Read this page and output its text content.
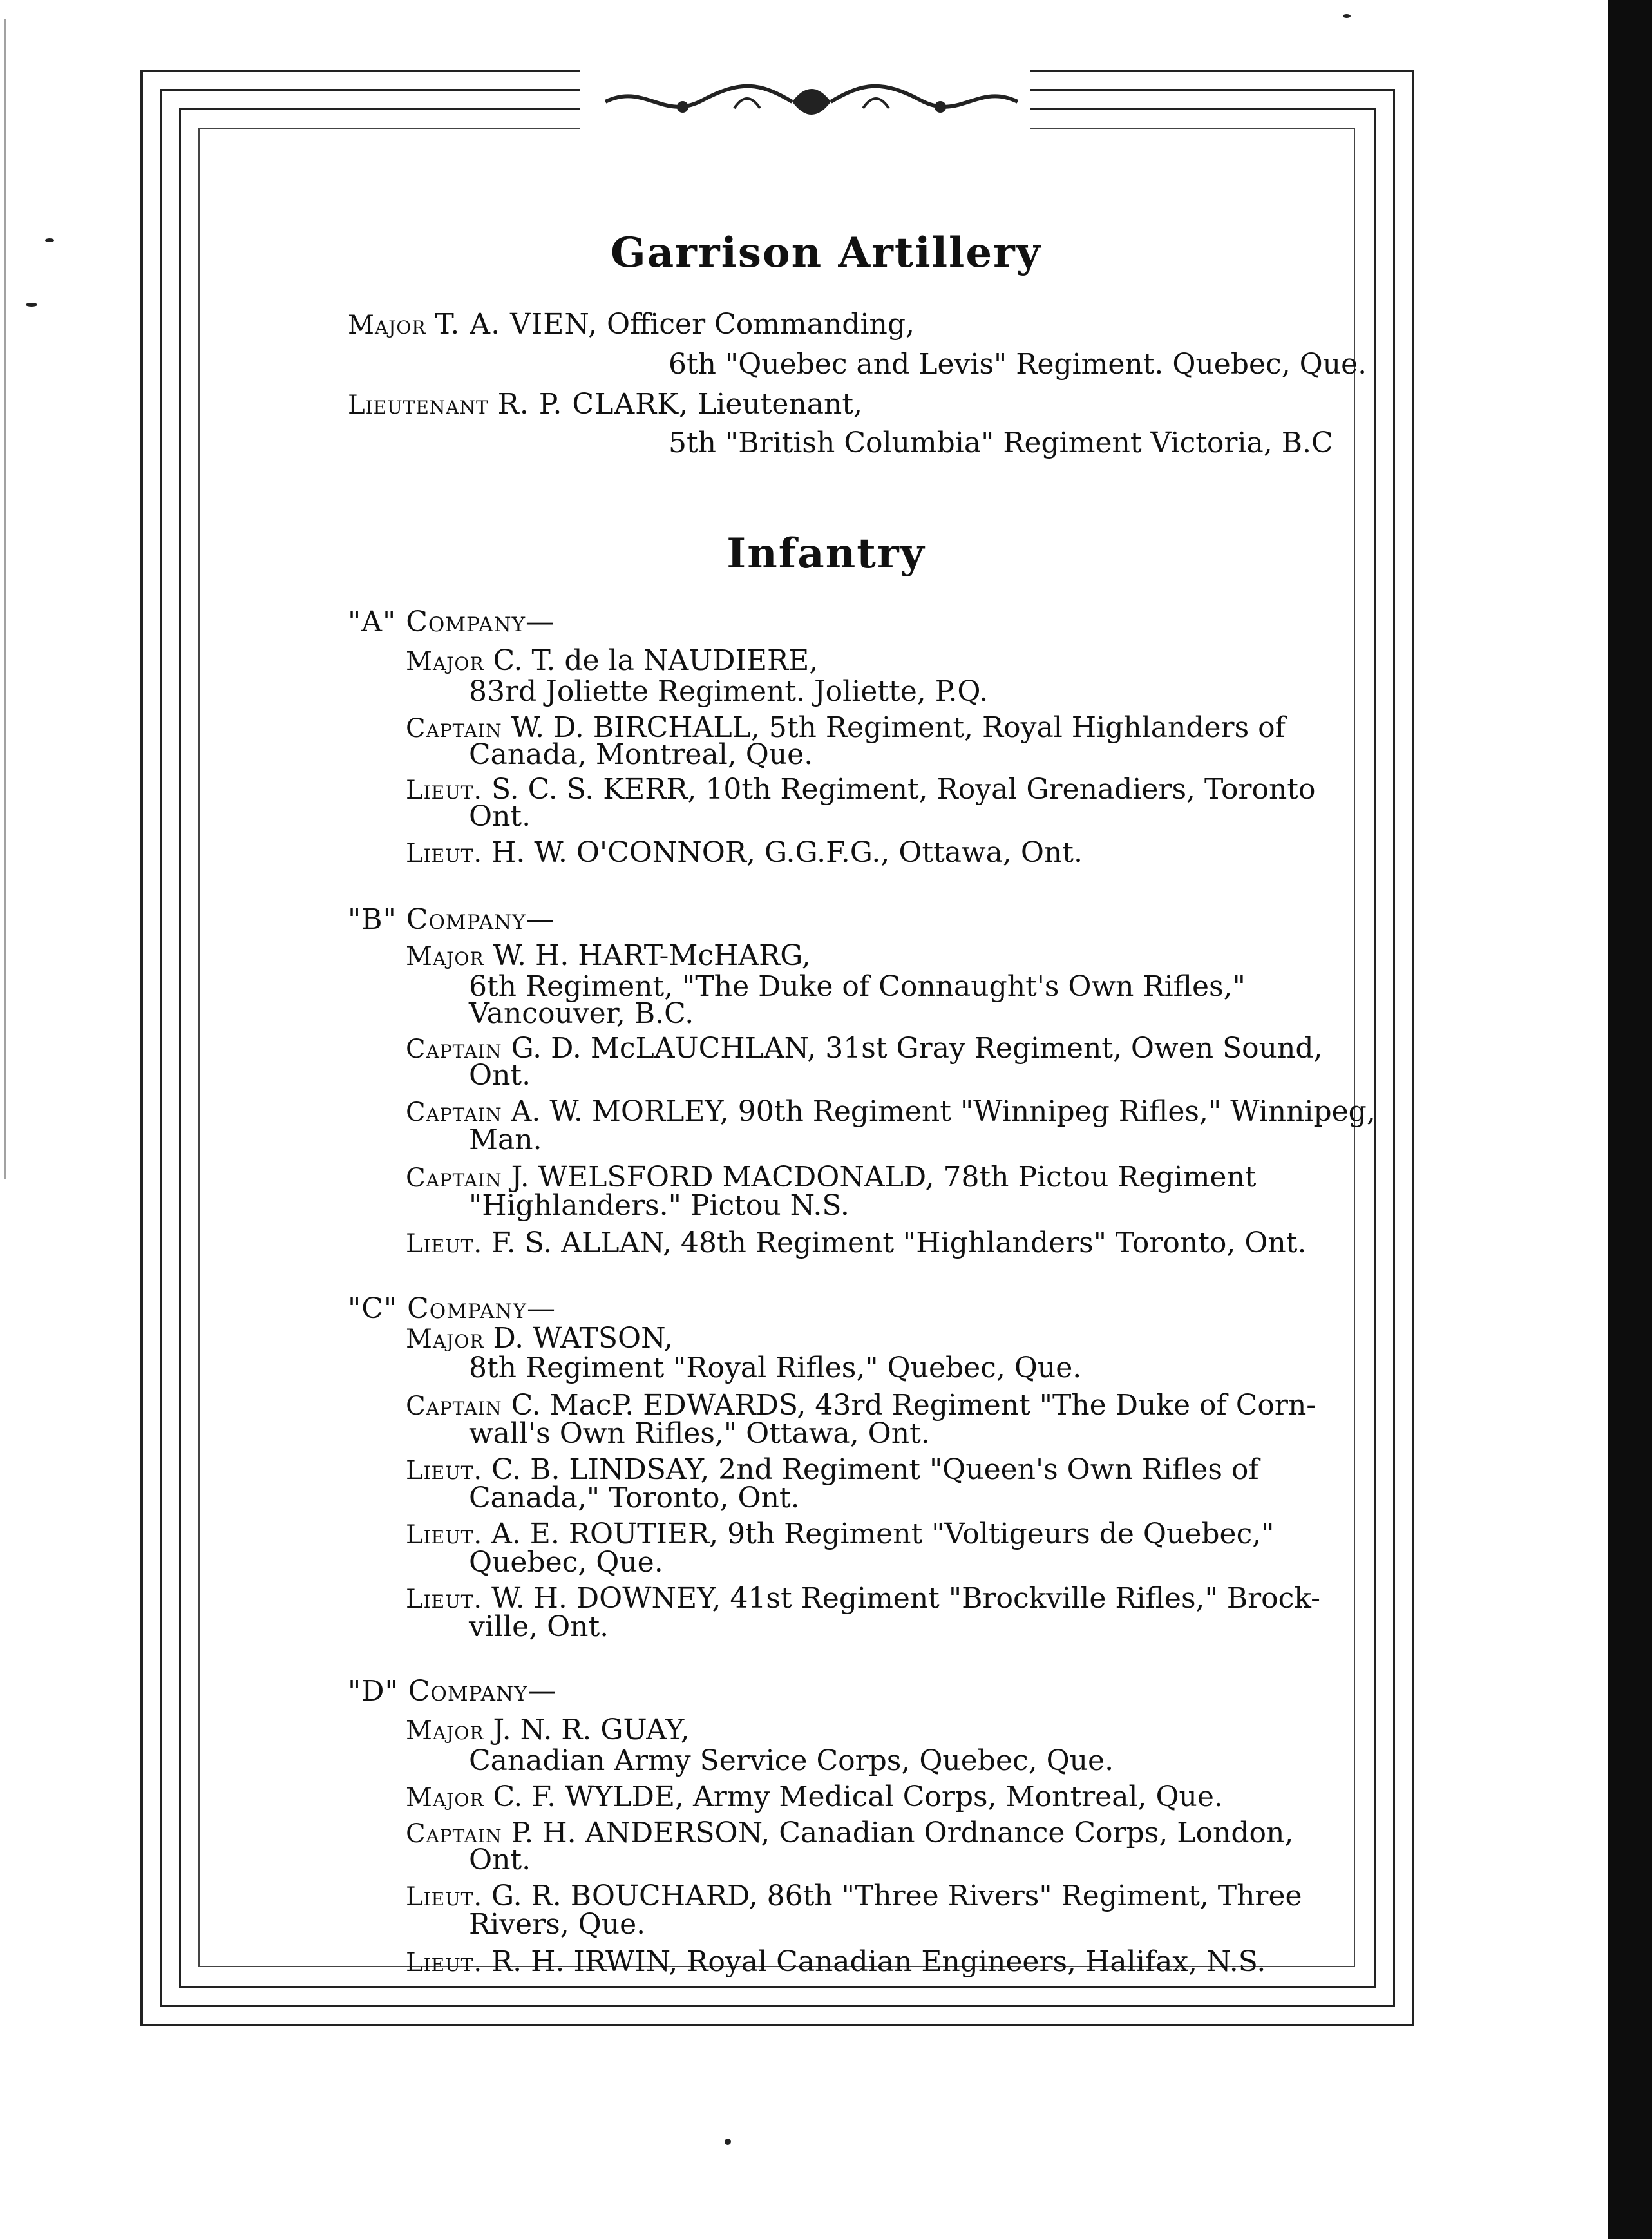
Garrison Artillery
Major T. A. VIEN, Officer Commanding,
6th "Quebec and Levis" Regiment. Quebec, Que.
Lieutenant R. P. CLARK, Lieutenant,
5th "British Columbia" Regiment Victoria, B.C
Infantry
"A" Company—
Major C. T. de la NAUDIERE,
83rd Joliette Regiment. Joliette, P.Q.
Captain W. D. BIRCHALL, 5th Regiment, Royal Highlanders of
Canada, Montreal, Que.
Lieut. S. C. S. KERR, 10th Regiment, Royal Grenadiers, Toronto
Ont.
Lieut. H. W. O'CONNOR, G.G.F.G., Ottawa, Ont.
"B" Company—
Major W. H. HART-McHARG,
6th Regiment, "The Duke of Connaught's Own Rifles,"
Vancouver, B.C.
Captain G. D. McLAUCHLAN, 31st Gray Regiment, Owen Sound,
Ont.
Captain A. W. MORLEY, 90th Regiment "Winnipeg Rifles," Winnipeg,
Man.
Captain J. WELSFORD MACDONALD, 78th Pictou Regiment
"Highlanders." Pictou N.S.
Lieut. F. S. ALLAN, 48th Regiment "Highlanders" Toronto, Ont.
"C" Company—
Major D. WATSON,
8th Regiment "Royal Rifles," Quebec, Que.
Captain C. MacP. EDWARDS, 43rd Regiment "The Duke of Corn-
wall's Own Rifles," Ottawa, Ont.
Lieut. C. B. LINDSAY, 2nd Regiment "Queen's Own Rifles of
Canada," Toronto, Ont.
Lieut. A. E. ROUTIER, 9th Regiment "Voltigeurs de Quebec,"
Quebec, Que.
Lieut. W. H. DOWNEY, 41st Regiment "Brockville Rifles," Brock-
ville, Ont.
"D" Company—
Major J. N. R. GUAY,
Canadian Army Service Corps, Quebec, Que.
Major C. F. WYLDE, Army Medical Corps, Montreal, Que.
Captain P. H. ANDERSON, Canadian Ordnance Corps, London,
Ont.
Lieut. G. R. BOUCHARD, 86th "Three Rivers" Regiment, Three
Rivers, Que.
Lieut. R. H. IRWIN, Royal Canadian Engineers, Halifax, N.S.
